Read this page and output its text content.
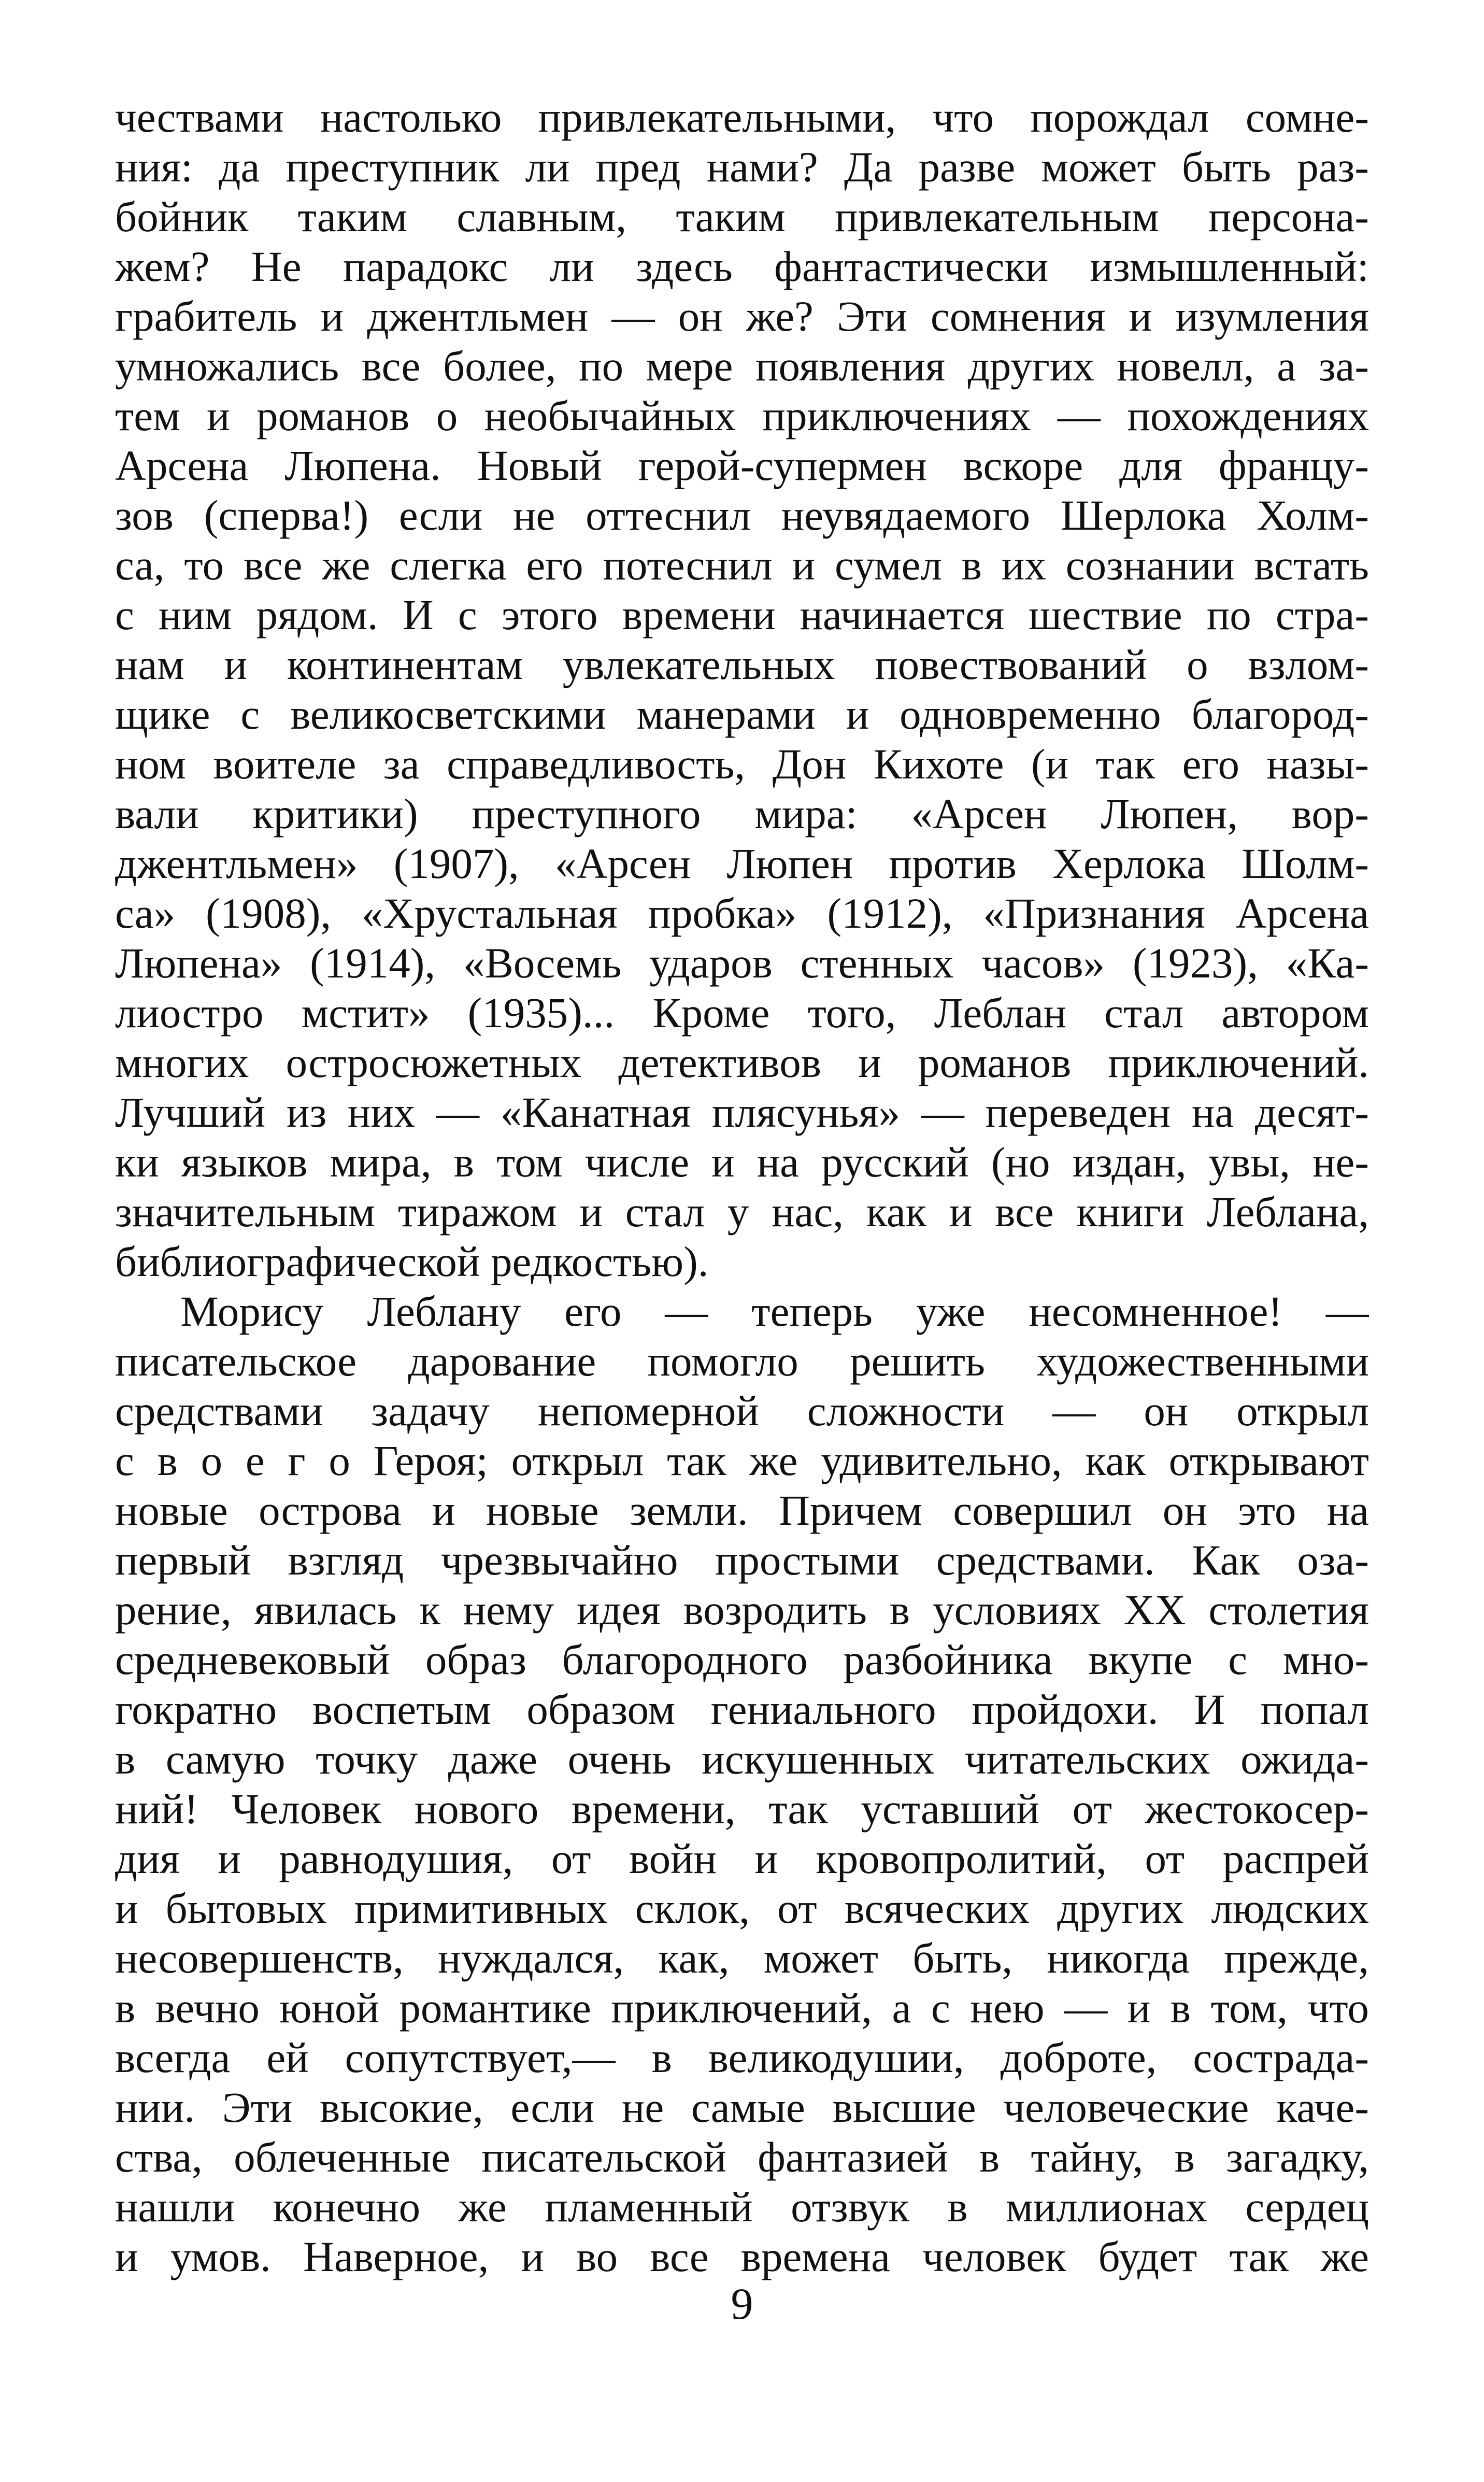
чествами настолько привлекательными, что порождал сомне-
ния: да преступник ли пред нами? Да разве может быть раз-
бойник таким славным, таким привлекательным персона-
жем? Не парадокс ли здесь фантастически измышленный:
грабитель и джентльмен — он же? Эти сомнения и изумления
умножались все более, по мере появления других новелл, а за-
тем и романов о необычайных приключениях — похождениях
Арсена Люпена. Новый герой-супермен вскоре для францу-
зов (сперва!) если не оттеснил неувядаемого Шерлока Холм-
са, то все же слегка его потеснил и сумел в их сознании встать
с ним рядом. И с этого времени начинается шествие по стра-
нам и континентам увлекательных повествований о взлом-
щике с великосветскими манерами и одновременно благород-
ном воителе за справедливость, Дон Кихоте (и так его назы-
вали критики) преступного мира: «Арсен Люпен, вор-
джентльмен» (1907), «Арсен Люпен против Херлока Шолм-
са» (1908), «Хрустальная пробка» (1912), «Признания Арсена
Люпена» (1914), «Восемь ударов стенных часов» (1923), «Ка-
лиостро мстит» (1935)... Кроме того, Леблан стал автором
многих остросюжетных детективов и романов приключений.
Лучший из них — «Канатная плясунья» — переведен на десят-
ки языков мира, в том числе и на русский (но издан, увы, не-
значительным тиражом и стал у нас, как и все книги Леблана,
библиографической редкостью).
Морису Леблану его — теперь уже несомненное! —
писательское дарование помогло решить художественными
средствами задачу непомерной сложности — он открыл
с в о е г о Героя; открыл так же удивительно, как открывают
новые острова и новые земли. Причем совершил он это на
первый взгляд чрезвычайно простыми средствами. Как оза-
рение, явилась к нему идея возродить в условиях XX столетия
средневековый образ благородного разбойника вкупе с мно-
гократно воспетым образом гениального пройдохи. И попал
в самую точку даже очень искушенных читательских ожида-
ний! Человек нового времени, так уставший от жестокосер-
дия и равнодушия, от войн и кровопролитий, от распрей
и бытовых примитивных склок, от всяческих других людских
несовершенств, нуждался, как, может быть, никогда прежде,
в вечно юной романтике приключений, а с нею — и в том, что
всегда ей сопутствует,— в великодушии, доброте, сострада-
нии. Эти высокие, если не самые высшие человеческие каче-
ства, облеченные писательской фантазией в тайну, в загадку,
нашли конечно же пламенный отзвук в миллионах сердец
и умов. Наверное, и во все времена человек будет так же
9
